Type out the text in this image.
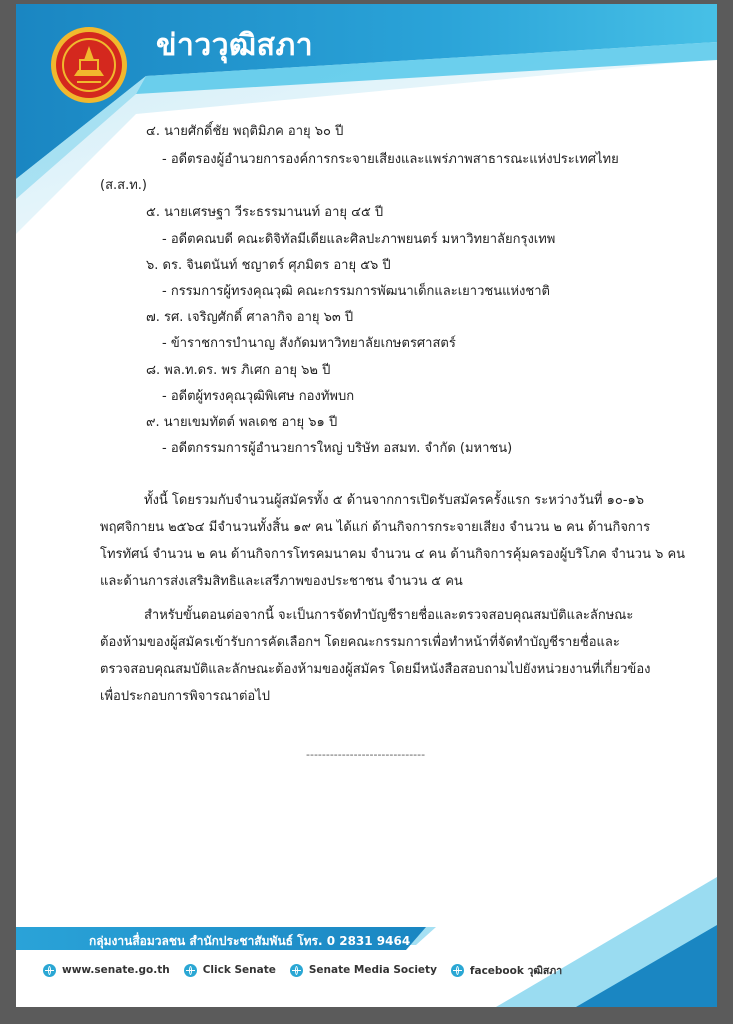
ข่าววุฒิสภา
๔. นายศักดิ์ชัย พฤติมิภค อายุ ๖๐ ปี
- อดีตรองผู้อำนวยการองค์การกระจายเสียงและแพร่ภาพสาธารณะแห่งประเทศไทย
(ส.ส.ท.)
๕. นายเศรษฐา วีระธรรมานนท์ อายุ ๔๕ ปี
- อดีตคณบดี คณะดิจิทัลมีเดียและศิลปะภาพยนตร์ มหาวิทยาลัยกรุงเทพ
๖. ดร. จินตนันท์ ชญาตร์ ศุภมิตร อายุ ๕๖ ปี
- กรรมการผู้ทรงคุณวุฒิ คณะกรรมการพัฒนาเด็กและเยาวชนแห่งชาติ
๗. รศ. เจริญศักดิ์ ศาลากิจ อายุ ๖๓ ปี
- ข้าราชการบำนาญ สังกัดมหาวิทยาลัยเกษตรศาสตร์
๘. พล.ท.ดร. พร ภิเศก อายุ ๖๒ ปี
- อดีตผู้ทรงคุณวุฒิพิเศษ กองทัพบก
๙. นายเขมทัตต์ พลเดช อายุ ๖๑ ปี
- อดีตกรรมการผู้อำนวยการใหญ่ บริษัท อสมท. จำกัด (มหาชน)
ทั้งนี้ โดยรวมกับจำนวนผู้สมัครทั้ง ๕ ด้านจากการเปิดรับสมัครครั้งแรก ระหว่างวันที่ ๑๐-๑๖
พฤศจิกายน ๒๕๖๔ มีจำนวนทั้งสิ้น ๑๙ คน ได้แก่ ด้านกิจการกระจายเสียง จำนวน ๒ คน ด้านกิจการ
โทรทัศน์ จำนวน ๒ คน ด้านกิจการโทรคมนาคม จำนวน ๔ คน ด้านกิจการคุ้มครองผู้บริโภค จำนวน ๖ คน
และด้านการส่งเสริมสิทธิและเสรีภาพของประชาชน จำนวน ๕ คน
สำหรับขั้นตอนต่อจากนี้ จะเป็นการจัดทำบัญชีรายชื่อและตรวจสอบคุณสมบัติและลักษณะ
ต้องห้ามของผู้สมัครเข้ารับการคัดเลือกฯ โดยคณะกรรมการเพื่อทำหน้าที่จัดทำบัญชีรายชื่อและ
ตรวจสอบคุณสมบัติและลักษณะต้องห้ามของผู้สมัคร โดยมีหนังสือสอบถามไปยังหน่วยงานที่เกี่ยวข้อง
เพื่อประกอบการพิจารณาต่อไป
------------------------------
กลุ่มงานสื่อมวลชน สำนักประชาสัมพันธ์ โทร. 0 2831 9464
www.senate.go.th	Click Senate	Senate Media Society	facebook วุฒิสภา
